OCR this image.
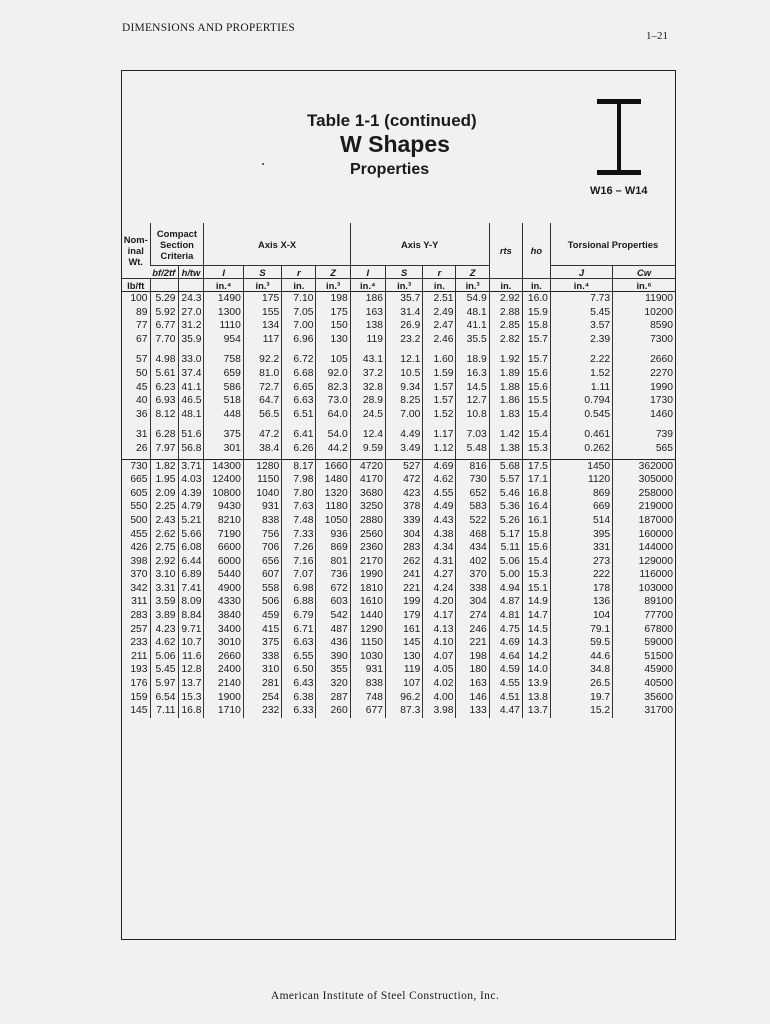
DIMENSIONS AND PROPERTIES
1–21
Table 1-1 (continued)
W Shapes
Properties
W16 – W14
Nom-inal Wt.	Compact Section Criteria		Axis X-X				Axis Y-Y				rts	ho	Torsional Properties	
	bf/2tf	h/tw	I	S	r	Z	I	S	r	Z			J	Cw
lb/ft			in.⁴	in.³	in.	in.³	in.⁴	in.³	in.	in.³	in.	in.	in.⁴	in.⁶
100	5.29	24.3	1490	175	7.10	198	186	35.7	2.51	54.9	2.92	16.0	7.73	11900
89	5.92	27.0	1300	155	7.05	175	163	31.4	2.49	48.1	2.88	15.9	5.45	10200
77	6.77	31.2	1110	134	7.00	150	138	26.9	2.47	41.1	2.85	15.8	3.57	8590
67	7.70	35.9	954	117	6.96	130	119	23.2	2.46	35.5	2.82	15.7	2.39	7300

57	4.98	33.0	758	92.2	6.72	105	43.1	12.1	1.60	18.9	1.92	15.7	2.22	2660
50	5.61	37.4	659	81.0	6.68	92.0	37.2	10.5	1.59	16.3	1.89	15.6	1.52	2270
45	6.23	41.1	586	72.7	6.65	82.3	32.8	9.34	1.57	14.5	1.88	15.6	1.11	1990
40	6.93	46.5	518	64.7	6.63	73.0	28.9	8.25	1.57	12.7	1.86	15.5	0.794	1730
36	8.12	48.1	448	56.5	6.51	64.0	24.5	7.00	1.52	10.8	1.83	15.4	0.545	1460

31	6.28	51.6	375	47.2	6.41	54.0	12.4	4.49	1.17	7.03	1.42	15.4	0.461	739
26	7.97	56.8	301	38.4	6.26	44.2	9.59	3.49	1.12	5.48	1.38	15.3	0.262	565

730	1.82	3.71	14300	1280	8.17	1660	4720	527	4.69	816	5.68	17.5	1450	362000
665	1.95	4.03	12400	1150	7.98	1480	4170	472	4.62	730	5.57	17.1	1120	305000
605	2.09	4.39	10800	1040	7.80	1320	3680	423	4.55	652	5.46	16.8	869	258000
550	2.25	4.79	9430	931	7.63	1180	3250	378	4.49	583	5.36	16.4	669	219000
500	2.43	5.21	8210	838	7.48	1050	2880	339	4.43	522	5.26	16.1	514	187000
455	2.62	5.66	7190	756	7.33	936	2560	304	4.38	468	5.17	15.8	395	160000
426	2.75	6.08	6600	706	7.26	869	2360	283	4.34	434	5.11	15.6	331	144000
398	2.92	6.44	6000	656	7.16	801	2170	262	4.31	402	5.06	15.4	273	129000
370	3.10	6.89	5440	607	7.07	736	1990	241	4.27	370	5.00	15.3	222	116000
342	3.31	7.41	4900	558	6.98	672	1810	221	4.24	338	4.94	15.1	178	103000
311	3.59	8.09	4330	506	6.88	603	1610	199	4.20	304	4.87	14.9	136	89100
283	3.89	8.84	3840	459	6.79	542	1440	179	4.17	274	4.81	14.7	104	77700
257	4.23	9.71	3400	415	6.71	487	1290	161	4.13	246	4.75	14.5	79.1	67800
233	4.62	10.7	3010	375	6.63	436	1150	145	4.10	221	4.69	14.3	59.5	59000
211	5.06	11.6	2660	338	6.55	390	1030	130	4.07	198	4.64	14.2	44.6	51500
193	5.45	12.8	2400	310	6.50	355	931	119	4.05	180	4.59	14.0	34.8	45900
176	5.97	13.7	2140	281	6.43	320	838	107	4.02	163	4.55	13.9	26.5	40500
159	6.54	15.3	1900	254	6.38	287	748	96.2	4.00	146	4.51	13.8	19.7	35600
145	7.11	16.8	1710	232	6.33	260	677	87.3	3.98	133	4.47	13.7	15.2	31700
American Institute of Steel Construction, Inc.
